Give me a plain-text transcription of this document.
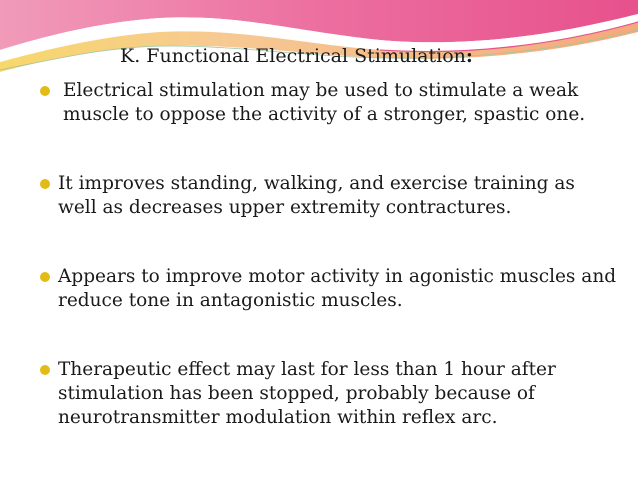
K. Functional Electrical Stimulation:
Electrical stimulation may be used to stimulate a weak muscle to oppose the activity of a stronger, spastic one.
It improves standing, walking, and exercise training as well as decreases upper extremity contractures.
Appears to improve motor activity in agonistic muscles and reduce tone in antagonistic muscles.
Therapeutic effect may last for less than 1 hour after stimulation has been stopped, probably because of neurotransmitter modulation within reflex arc.
